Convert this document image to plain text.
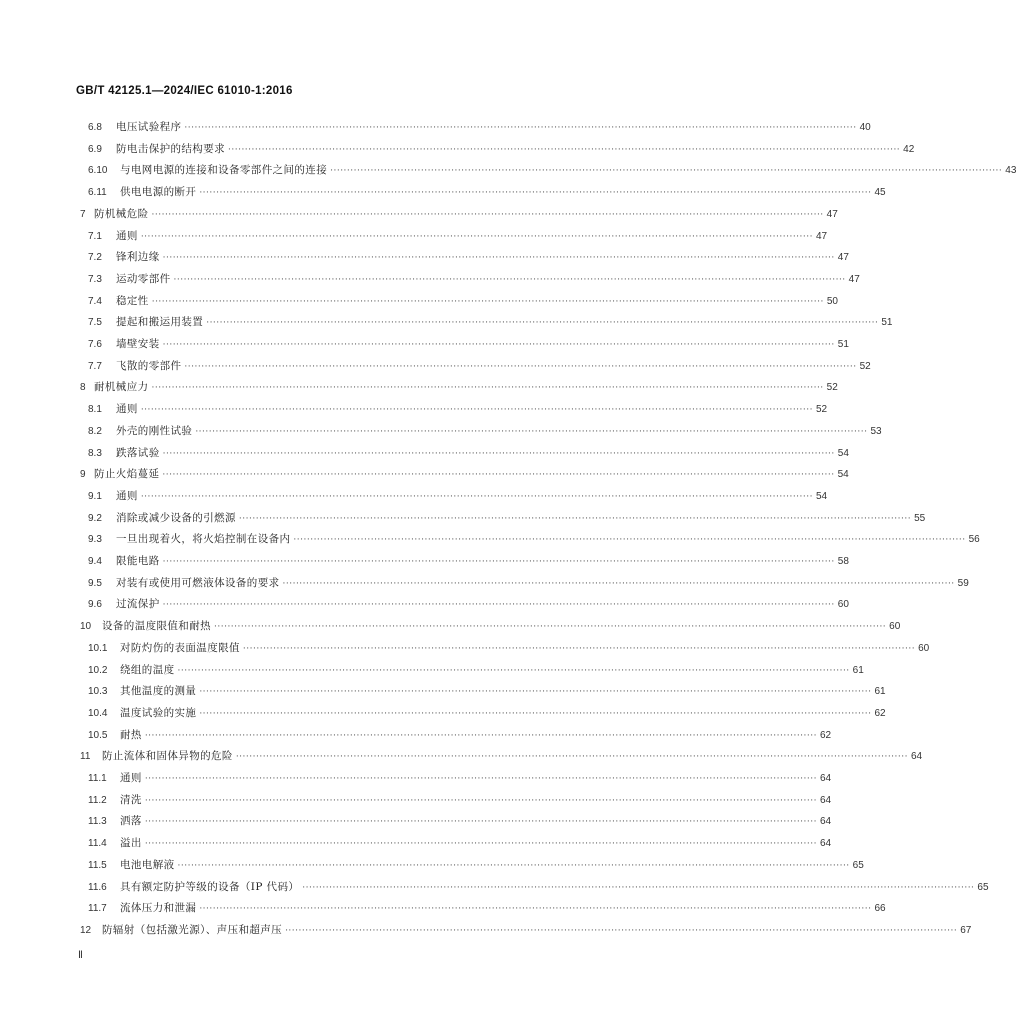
GB/T 42125.1—2024/IEC 61010-1:2016
6.8	电压试验程序 ········································································································································································································ 40
6.9	防电击保护的结构要求 ········································································································································································································ 42
6.10	与电网电源的连接和设备零部件之间的连接 ········································································································································································································ 43
6.11	供电电源的断开 ········································································································································································································ 45
7 防机械危险 ········································································································································································································ 47
7.1	通则 ········································································································································································································ 47
7.2	锋利边缘 ········································································································································································································ 47
7.3	运动零部件 ········································································································································································································ 47
7.4	稳定性 ········································································································································································································ 50
7.5	提起和搬运用装置 ········································································································································································································ 51
7.6	墙壁安装 ········································································································································································································ 51
7.7	飞散的零部件 ········································································································································································································ 52
8 耐机械应力 ········································································································································································································ 52
8.1	通则 ········································································································································································································ 52
8.2	外壳的刚性试验 ········································································································································································································ 53
8.3	跌落试验 ········································································································································································································ 54
9 防止火焰蔓延 ········································································································································································································ 54
9.1	通则 ········································································································································································································ 54
9.2	消除或减少设备的引燃源 ········································································································································································································ 55
9.3	一旦出现着火，将火焰控制在设备内 ········································································································································································································ 56
9.4	限能电路 ········································································································································································································ 58
9.5	对装有或使用可燃液体设备的要求 ········································································································································································································ 59
9.6	过流保护 ········································································································································································································ 60
10	设备的温度限值和耐热 ········································································································································································································ 60
10.1	对防灼伤的表面温度限值 ········································································································································································································ 60
10.2	绕组的温度 ········································································································································································································ 61
10.3	其他温度的测量 ········································································································································································································ 61
10.4	温度试验的实施 ········································································································································································································ 62
10.5	耐热 ········································································································································································································ 62
11	防止流体和固体异物的危险 ········································································································································································································ 64
11.1	通则 ········································································································································································································ 64
11.2	清洗 ········································································································································································································ 64
11.3	洒落 ········································································································································································································ 64
11.4	溢出 ········································································································································································································ 64
11.5	电池电解液 ········································································································································································································ 65
11.6	具有额定防护等级的设备（IP 代码） ········································································································································································································ 65
11.7	流体压力和泄漏 ········································································································································································································ 66
12	防辐射（包括激光源）、声压和超声压 ········································································································································································································ 67
Ⅱ
